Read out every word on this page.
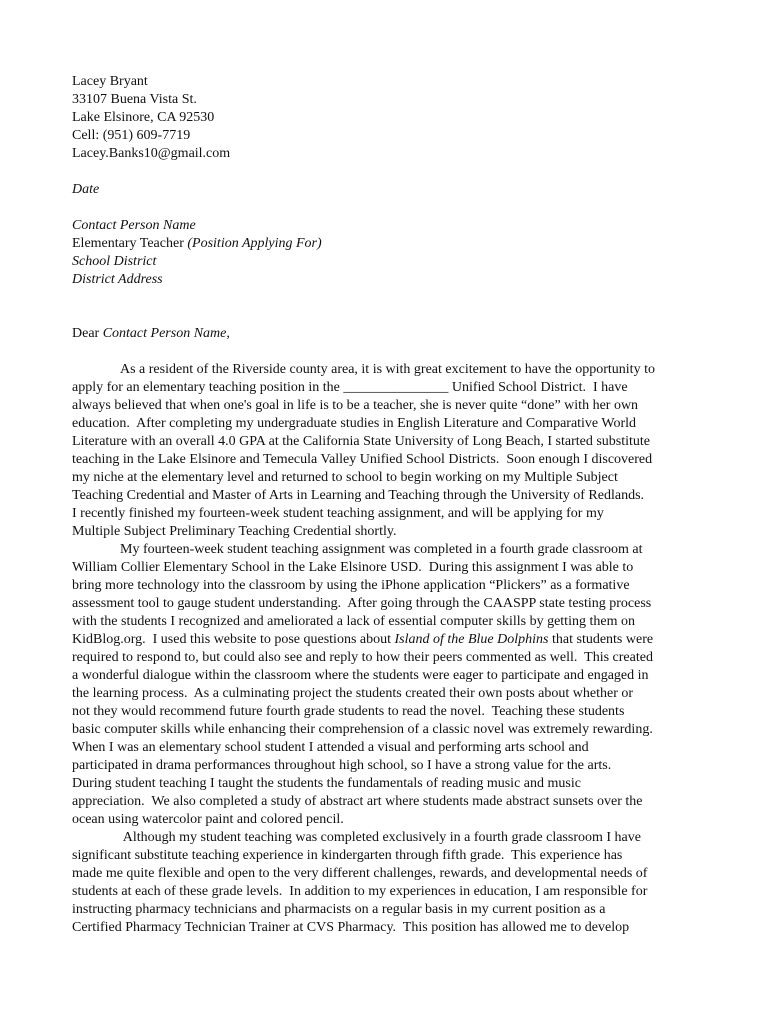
Lacey Bryant
33107 Buena Vista St.
Lake Elsinore, CA 92530
Cell: (951) 609-7719
Lacey.Banks10@gmail.com
Date
Contact Person Name
Elementary Teacher (Position Applying For)
School District
District Address
Dear Contact Person Name,
As a resident of the Riverside county area, it is with great excitement to have the opportunity to
apply for an elementary teaching position in the _______________ Unified School District.  I have
always believed that when one's goal in life is to be a teacher, she is never quite “done” with her own
education.  After completing my undergraduate studies in English Literature and Comparative World
Literature with an overall 4.0 GPA at the California State University of Long Beach, I started substitute
teaching in the Lake Elsinore and Temecula Valley Unified School Districts.  Soon enough I discovered
my niche at the elementary level and returned to school to begin working on my Multiple Subject
Teaching Credential and Master of Arts in Learning and Teaching through the University of Redlands.
I recently finished my fourteen-week student teaching assignment, and will be applying for my
Multiple Subject Preliminary Teaching Credential shortly.
My fourteen-week student teaching assignment was completed in a fourth grade classroom at
William Collier Elementary School in the Lake Elsinore USD.  During this assignment I was able to
bring more technology into the classroom by using the iPhone application “Plickers” as a formative
assessment tool to gauge student understanding.  After going through the CAASPP state testing process
with the students I recognized and ameliorated a lack of essential computer skills by getting them on
KidBlog.org.  I used this website to pose questions about Island of the Blue Dolphins that students were
required to respond to, but could also see and reply to how their peers commented as well.  This created
a wonderful dialogue within the classroom where the students were eager to participate and engaged in
the learning process.  As a culminating project the students created their own posts about whether or
not they would recommend future fourth grade students to read the novel.  Teaching these students
basic computer skills while enhancing their comprehension of a classic novel was extremely rewarding.
When I was an elementary school student I attended a visual and performing arts school and
participated in drama performances throughout high school, so I have a strong value for the arts.
During student teaching I taught the students the fundamentals of reading music and music
appreciation.  We also completed a study of abstract art where students made abstract sunsets over the
ocean using watercolor paint and colored pencil.
Although my student teaching was completed exclusively in a fourth grade classroom I have
significant substitute teaching experience in kindergarten through fifth grade.  This experience has
made me quite flexible and open to the very different challenges, rewards, and developmental needs of
students at each of these grade levels.  In addition to my experiences in education, I am responsible for
instructing pharmacy technicians and pharmacists on a regular basis in my current position as a
Certified Pharmacy Technician Trainer at CVS Pharmacy.  This position has allowed me to develop
